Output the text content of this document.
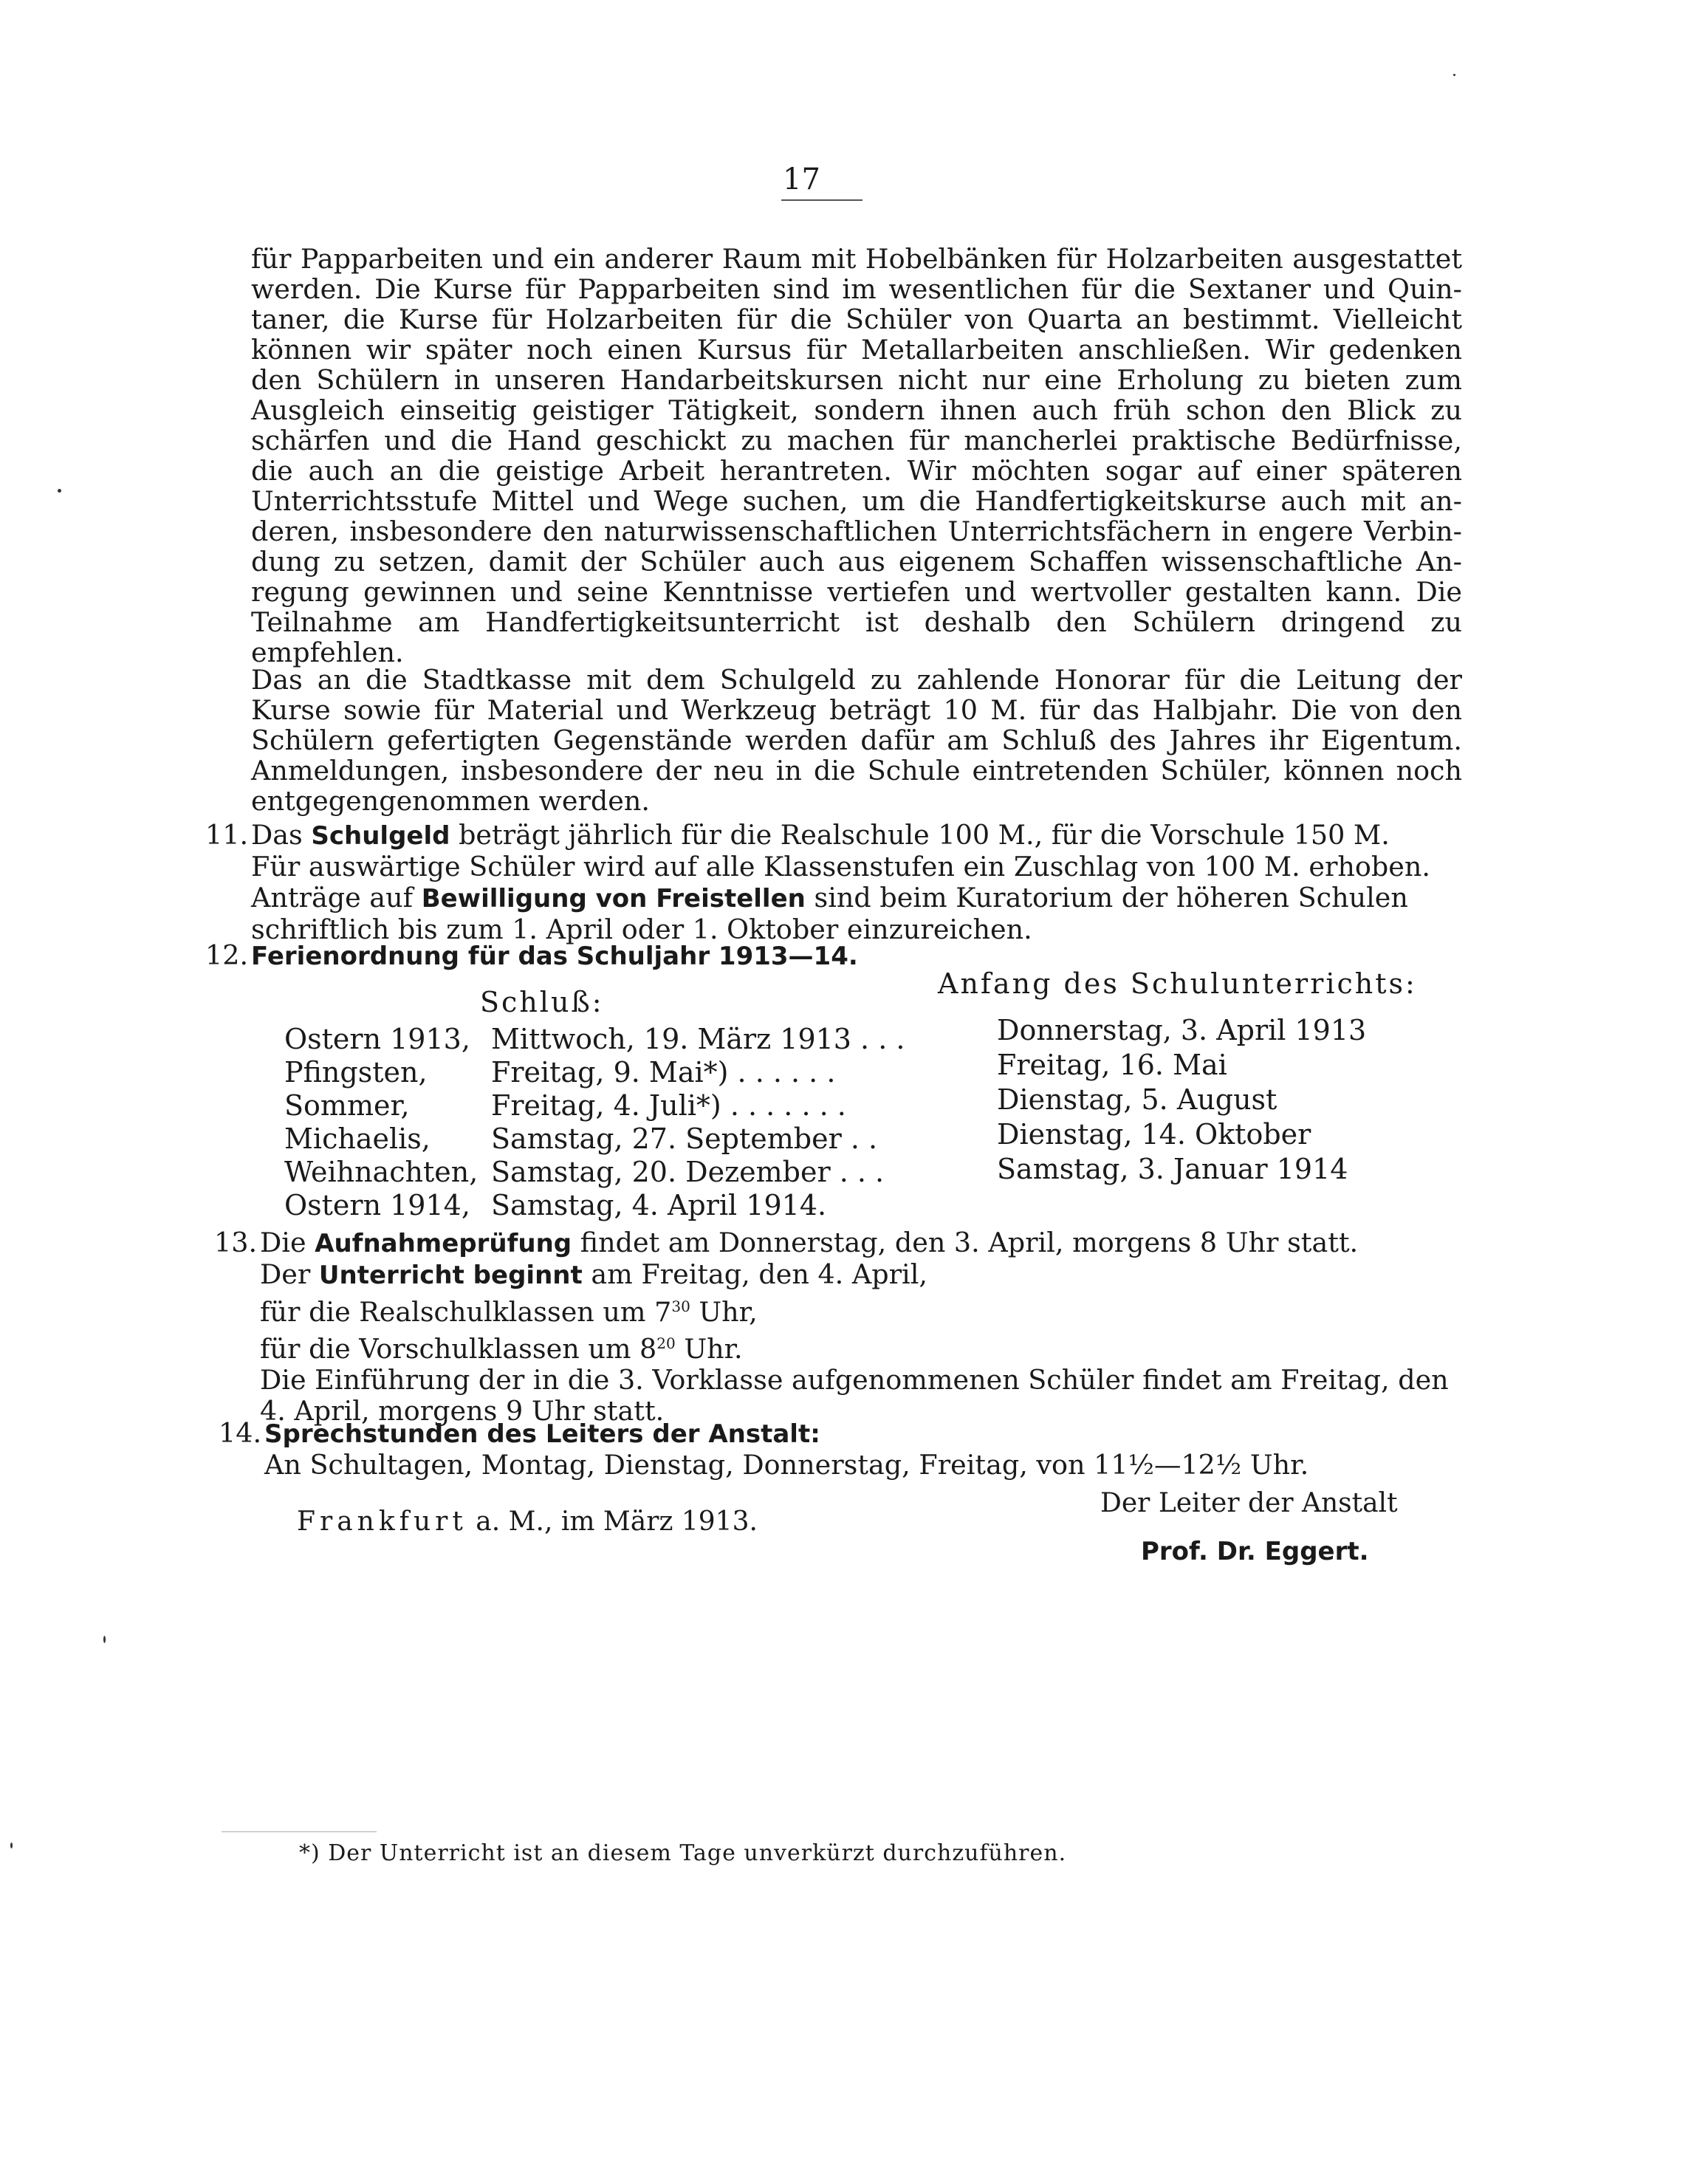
17
für Papparbeiten und ein anderer Raum mit Hobelbänken für Holzarbeiten ausgestattet
werden. Die Kurse für Papparbeiten sind im wesentlichen für die Sextaner und Quin-
taner, die Kurse für Holzarbeiten für die Schüler von Quarta an bestimmt. Vielleicht
können wir später noch einen Kursus für Metallarbeiten anschließen. Wir gedenken
den Schülern in unseren Handarbeitskursen nicht nur eine Erholung zu bieten zum
Ausgleich einseitig geistiger Tätigkeit, sondern ihnen auch früh schon den Blick zu
schärfen und die Hand geschickt zu machen für mancherlei praktische Bedürfnisse,
die auch an die geistige Arbeit herantreten. Wir möchten sogar auf einer späteren
Unterrichtsstufe Mittel und Wege suchen, um die Handfertigkeitskurse auch mit an-
deren, insbesondere den naturwissenschaftlichen Unterrichtsfächern in engere Verbin-
dung zu setzen, damit der Schüler auch aus eigenem Schaffen wissenschaftliche An-
regung gewinnen und seine Kenntnisse vertiefen und wertvoller gestalten kann. Die
Teilnahme am Handfertigkeitsunterricht ist deshalb den Schülern dringend zu
empfehlen.
Das an die Stadtkasse mit dem Schulgeld zu zahlende Honorar für die Leitung der
Kurse sowie für Material und Werkzeug beträgt 10 M. für das Halbjahr. Die von den
Schülern gefertigten Gegenstände werden dafür am Schluß des Jahres ihr Eigentum.
Anmeldungen, insbesondere der neu in die Schule eintretenden Schüler, können noch
entgegengenommen werden.
11. Das Schulgeld beträgt jährlich für die Realschule 100 M., für die Vorschule 150 M.
Für auswärtige Schüler wird auf alle Klassenstufen ein Zuschlag von 100 M. erhoben.
Anträge auf Bewilligung von Freistellen sind beim Kuratorium der höheren Schulen
schriftlich bis zum 1. April oder 1. Oktober einzureichen.
12. Ferienordnung für das Schuljahr 1913—14.
Schluß:
Anfang des Schulunterrichts:
Ostern 1913, Mittwoch, 19. März 1913 . . .	Donnerstag, 3. April 1913
Pfingsten, Freitag, 9. Mai*) . . . . . .	Freitag, 16. Mai
Sommer,	Freitag, 4. Juli*) . . . . . . .	Dienstag, 5. August
Michaelis, Samstag, 27. September . .	Dienstag, 14. Oktober
Weihnachten, Samstag, 20. Dezember . . .	Samstag, 3. Januar 1914
Ostern 1914, Samstag, 4. April 1914.
13. Die Aufnahmeprüfung findet am Donnerstag, den 3. April, morgens 8 Uhr statt.
Der Unterricht beginnt am Freitag, den 4. April,
für die Realschulklassen um $7^{30}$ Uhr,
für die Vorschulklassen um $8^{20}$ Uhr.
Die Einführung der in die 3. Vorklasse aufgenommenen Schüler findet am Freitag, den
4. April, morgens 9 Uhr statt.
14. Sprechstunden des Leiters der Anstalt:
An Schultagen, Montag, Dienstag, Donnerstag, Freitag, von 11½—12½ Uhr.
Frankfurt a. M., im März 1913.
Der Leiter der Anstalt
Prof. Dr. Eggert.
*) Der Unterricht ist an diesem Tage unverkürzt durchzuführen.
